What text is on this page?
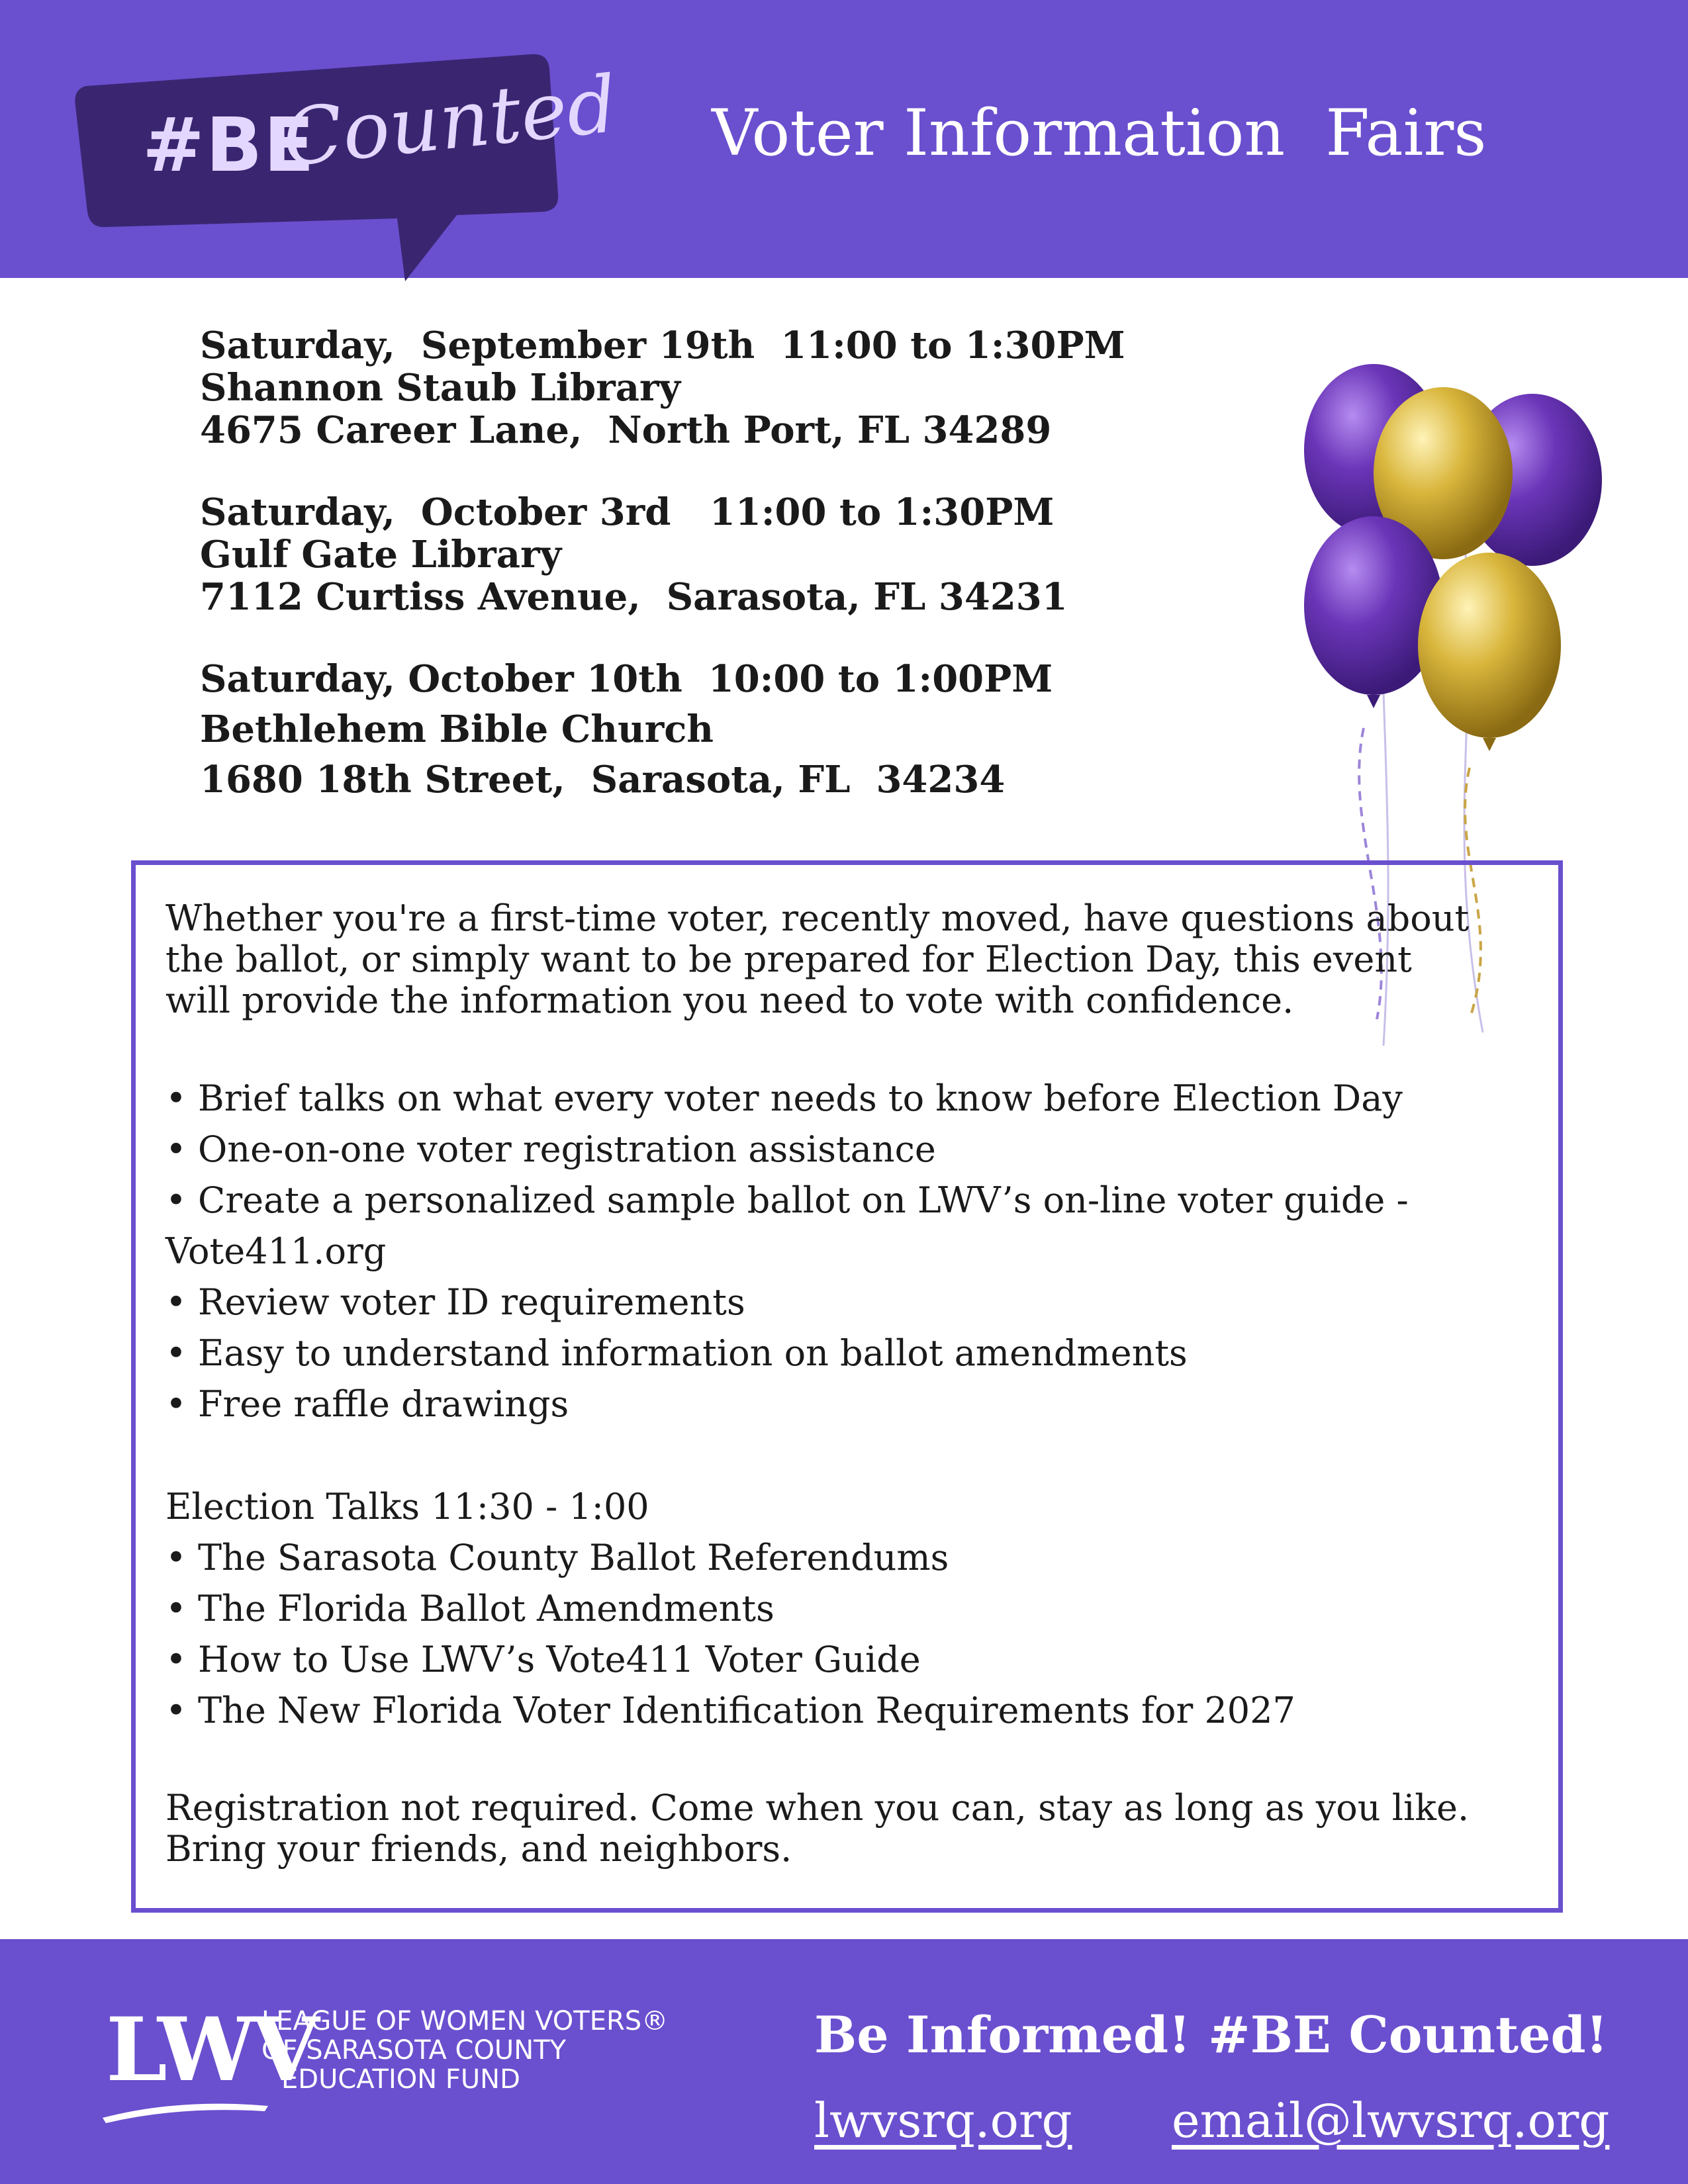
#BE
Counted Voter Information  Fairs
Saturday,  September 19th  11:00 to 1:30PM
Shannon Staub Library
4675 Career Lane,  North Port, FL 34289
Saturday,  October 3rd   11:00 to 1:30PM
Gulf Gate Library
7112 Curtiss Avenue,  Sarasota, FL 34231
Saturday, October 10th  10:00 to 1:00PM
Bethlehem Bible Church
1680 18th Street,  Sarasota, FL  34234

Whether you're a first-time voter, recently moved, have questions about the ballot, or simply want to be prepared for Election Day, this event will provide the information you need to vote with confidence.

• Brief talks on what every voter needs to know before Election Day
• One-on-one voter registration assistance
• Create a personalized sample ballot on LWV’s on-line voter guide -
Vote411.org
• Review voter ID requirements
• Easy to understand information on ballot amendments
• Free raffle drawings
Election Talks 11:30 - 1:00
• The Sarasota County Ballot Referendums
• The Florida Ballot Amendments
• How to Use LWV’s Vote411 Voter Guide
• The New Florida Voter Identification Requirements for 2027
Registration not required. Come when you can, stay as long as you like. Bring your friends, and neighbors.
LWV
LEAGUE OF WOMEN VOTERS®
OF SARASOTA COUNTY
EDUCATION FUND
Be Informed! #BE Counted!
lwvsrq.org email@lwvsrq.org
